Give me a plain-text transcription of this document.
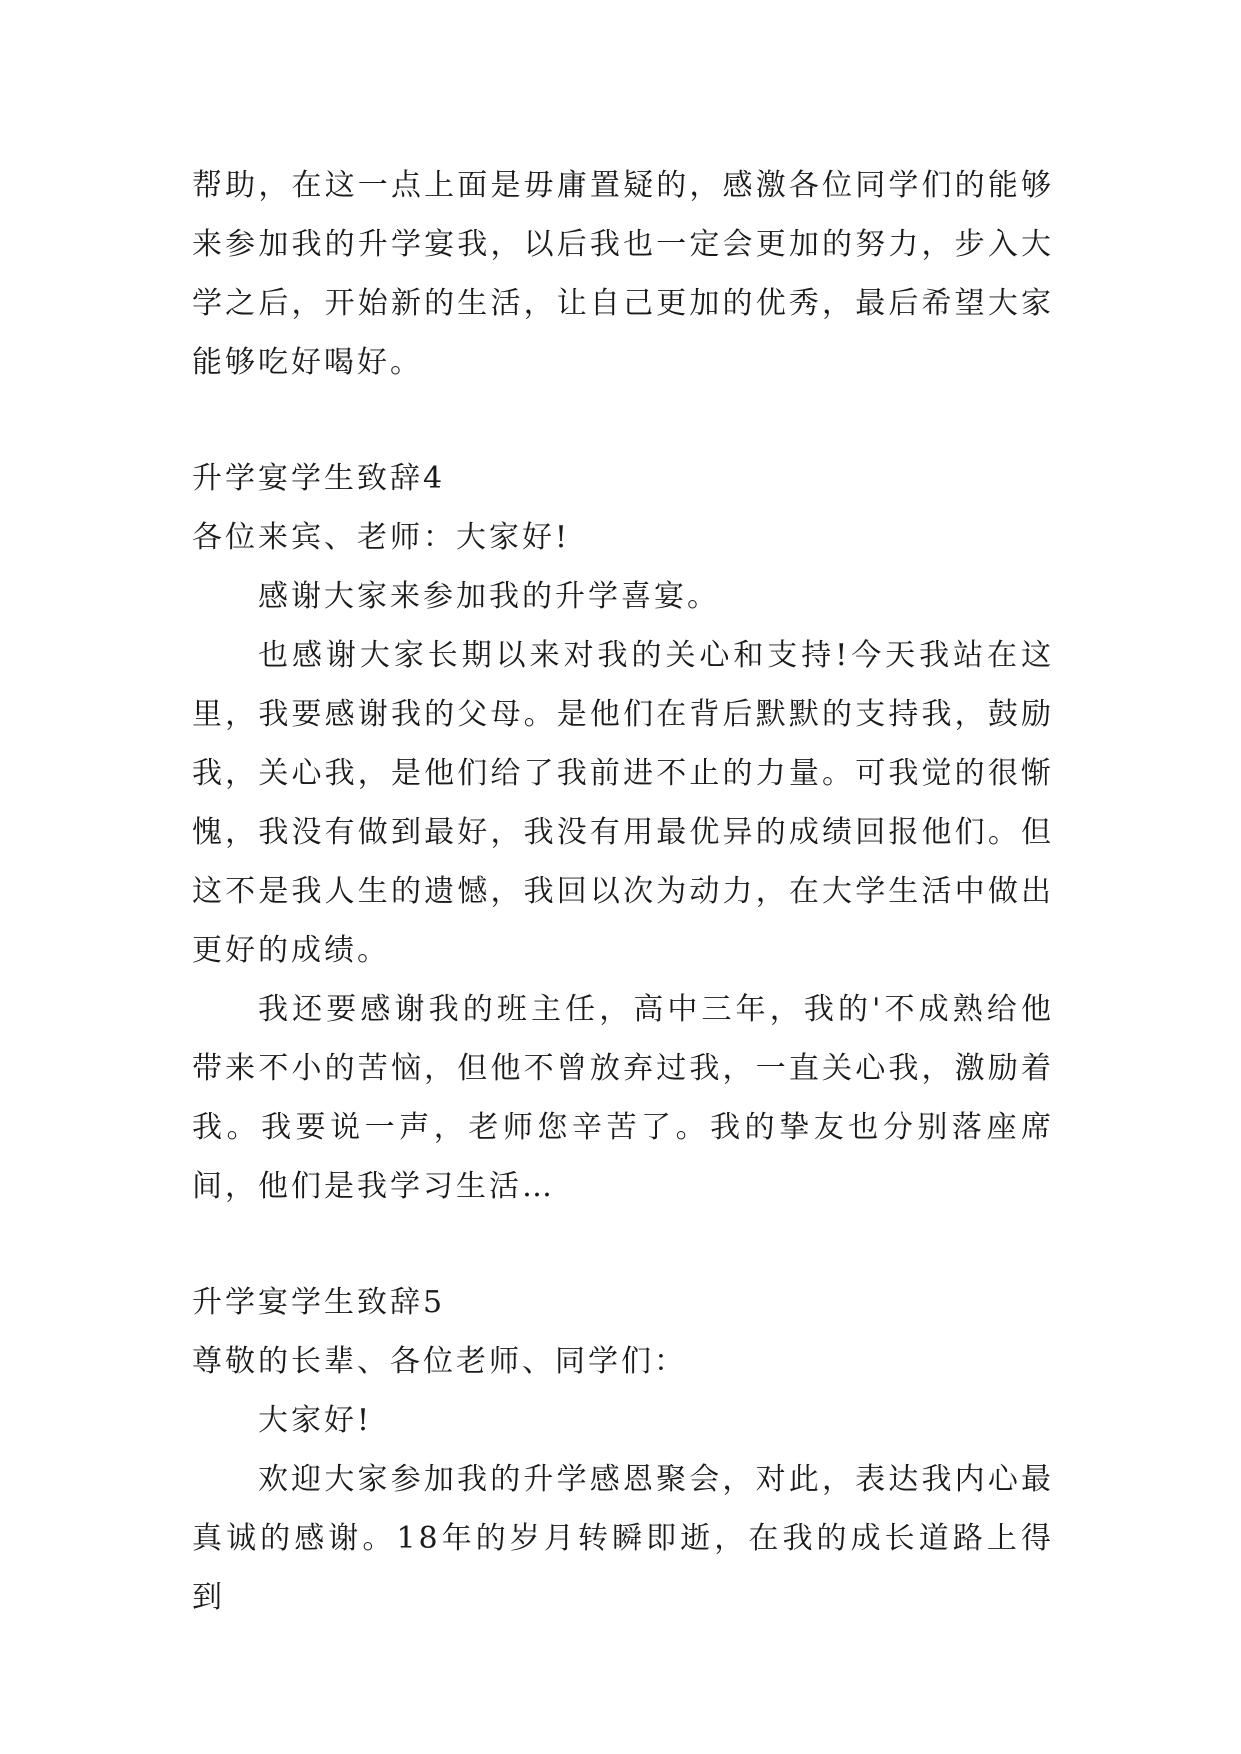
帮助，在这一点上面是毋庸置疑的，感激各位同学们的能够来参加我的升学宴我，以后我也一定会更加的努力，步入大学之后，开始新的生活，让自己更加的优秀，最后希望大家能够吃好喝好。

升学宴学生致辞4

各位来宾、老师：大家好!

感谢大家来参加我的升学喜宴。

也感谢大家长期以来对我的关心和支持!今天我站在这里，我要感谢我的父母。是他们在背后默默的支持我，鼓励我，关心我，是他们给了我前进不止的力量。可我觉的很惭愧，我没有做到最好，我没有用最优异的成绩回报他们。但这不是我人生的遗憾，我回以次为动力，在大学生活中做出更好的成绩。

我还要感谢我的班主任，高中三年，我的'不成熟给他带来不小的苦恼，但他不曾放弃过我，一直关心我，激励着我。我要说一声，老师您辛苦了。我的挚友也分别落座席间，他们是我学习生活…

升学宴学生致辞5

尊敬的长辈、各位老师、同学们：

大家好!

欢迎大家参加我的升学感恩聚会，对此，表达我内心最真诚的感谢。18年的岁月转瞬即逝，在我的成长道路上得到
